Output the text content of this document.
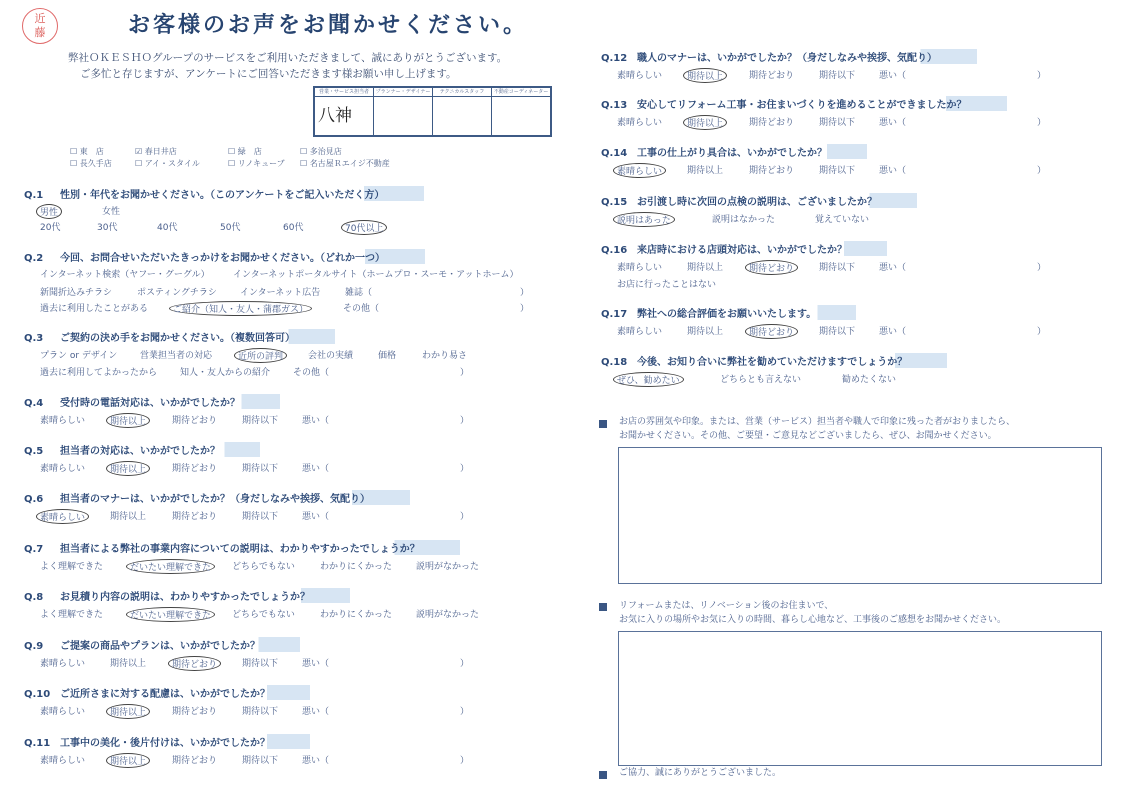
近藤	お客様のお声をお聞かせください。
弊社ＯＫＥＳＨＯグループのサービスをご利用いただきまして、誠にありがとうございます。
ご多忙と存じますが、アンケートにご回答いただきます様お願い申し上げます。
営業・サービス担当者	プランナー・デザイナー	テクニカルスタッフ	不動産コーディネーター
八神			
☐ 東　店	☑ 春日井店	☐ 緑　店	☐ 多治見店
☐ 長久手店	☐ アイ・スタイル	☐ リノキューブ ☐ 名古屋Ｒエイジ不動産
Q.1 性別・年代をお聞かせください。（このアンケートをご記入いただく方）
男性	女性
20代	30代	40代	50代	60代	70代以上
Q.2 今回、お問合せいただいたきっかけをお聞かせください。（どれか一つ）
インターネット検索（ヤフー・グーグル）	インターネットポータルサイト（ホームプロ・スーモ・アットホーム）
新聞折込みチラシ	ポスティングチラシ	インターネット広告	雑誌（	）
過去に利用したことがある	ご紹介（知人・友人・蒲郡ガス）	その他（	）
Q.3 ご契約の決め手をお聞かせください。（複数回答可）
プラン or デザイン	営業担当者の対応	近所の評判	会社の実績	価格	わかり易さ
過去に利用してよかったから	知人・友人からの紹介	その他（	）
Q.4 受付時の電話対応は、いかがでしたか？
素晴らしい	期待以上	期待どおり	期待以下	悪い（	）
Q.5 担当者の対応は、いかがでしたか？
素晴らしい	期待以上	期待どおり	期待以下	悪い（	）
Q.6 担当者のマナーは、いかがでしたか？（身だしなみや挨拶、気配り）
素晴らしい	期待以上	期待どおり	期待以下	悪い（	）
Q.7 担当者による弊社の事業内容についての説明は、わかりやすかったでしょうか？
よく理解できた	だいたい理解できた	どちらでもない	わかりにくかった	説明がなかった
Q.8 お見積り内容の説明は、わかりやすかったでしょうか？
よく理解できた	だいたい理解できた	どちらでもない	わかりにくかった	説明がなかった
Q.9 ご提案の商品やプランは、いかがでしたか？
素晴らしい	期待以上	期待どおり	期待以下	悪い（	）
Q.10 ご近所さまに対する配慮は、いかがでしたか？
素晴らしい	期待以上	期待どおり	期待以下	悪い（	）
Q.11 工事中の美化・後片付けは、いかがでしたか？
素晴らしい	期待以上	期待どおり	期待以下	悪い（	）
Q.12 職人のマナーは、いかがでしたか？（身だしなみや挨拶、気配り）
素晴らしい	期待以上	期待どおり	期待以下	悪い（	）
Q.13 安心してリフォーム工事・お住まいづくりを進めることができましたか？
素晴らしい	期待以上	期待どおり	期待以下	悪い（	）
Q.14 工事の仕上がり具合は、いかがでしたか？
素晴らしい	期待以上	期待どおり	期待以下	悪い（	）
Q.15 お引渡し時に次回の点検の説明は、ございましたか？
説明はあった	説明はなかった	覚えていない
Q.16 来店時における店頭対応は、いかがでしたか？
素晴らしい	期待以上	期待どおり	期待以下	悪い（	）
お店に行ったことはない
Q.17 弊社への総合評価をお願いいたします。
素晴らしい	期待以上	期待どおり	期待以下	悪い（	）
Q.18 今後、お知り合いに弊社を勧めていただけますでしょうか？
ぜひ、勧めたい	どちらとも言えない	勧めたくない
お店の雰囲気や印象。または、営業（サービス）担当者や職人で印象に残った者がおりましたら、
お聞かせください。その他、ご要望・ご意見などございましたら、ぜひ、お聞かせください。
リフォームまたは、リノベーション後のお住まいで、
お気に入りの場所やお気に入りの時間、暮らし心地など、工事後のご感想をお聞かせください。
ご協力、誠にありがとうございました。
